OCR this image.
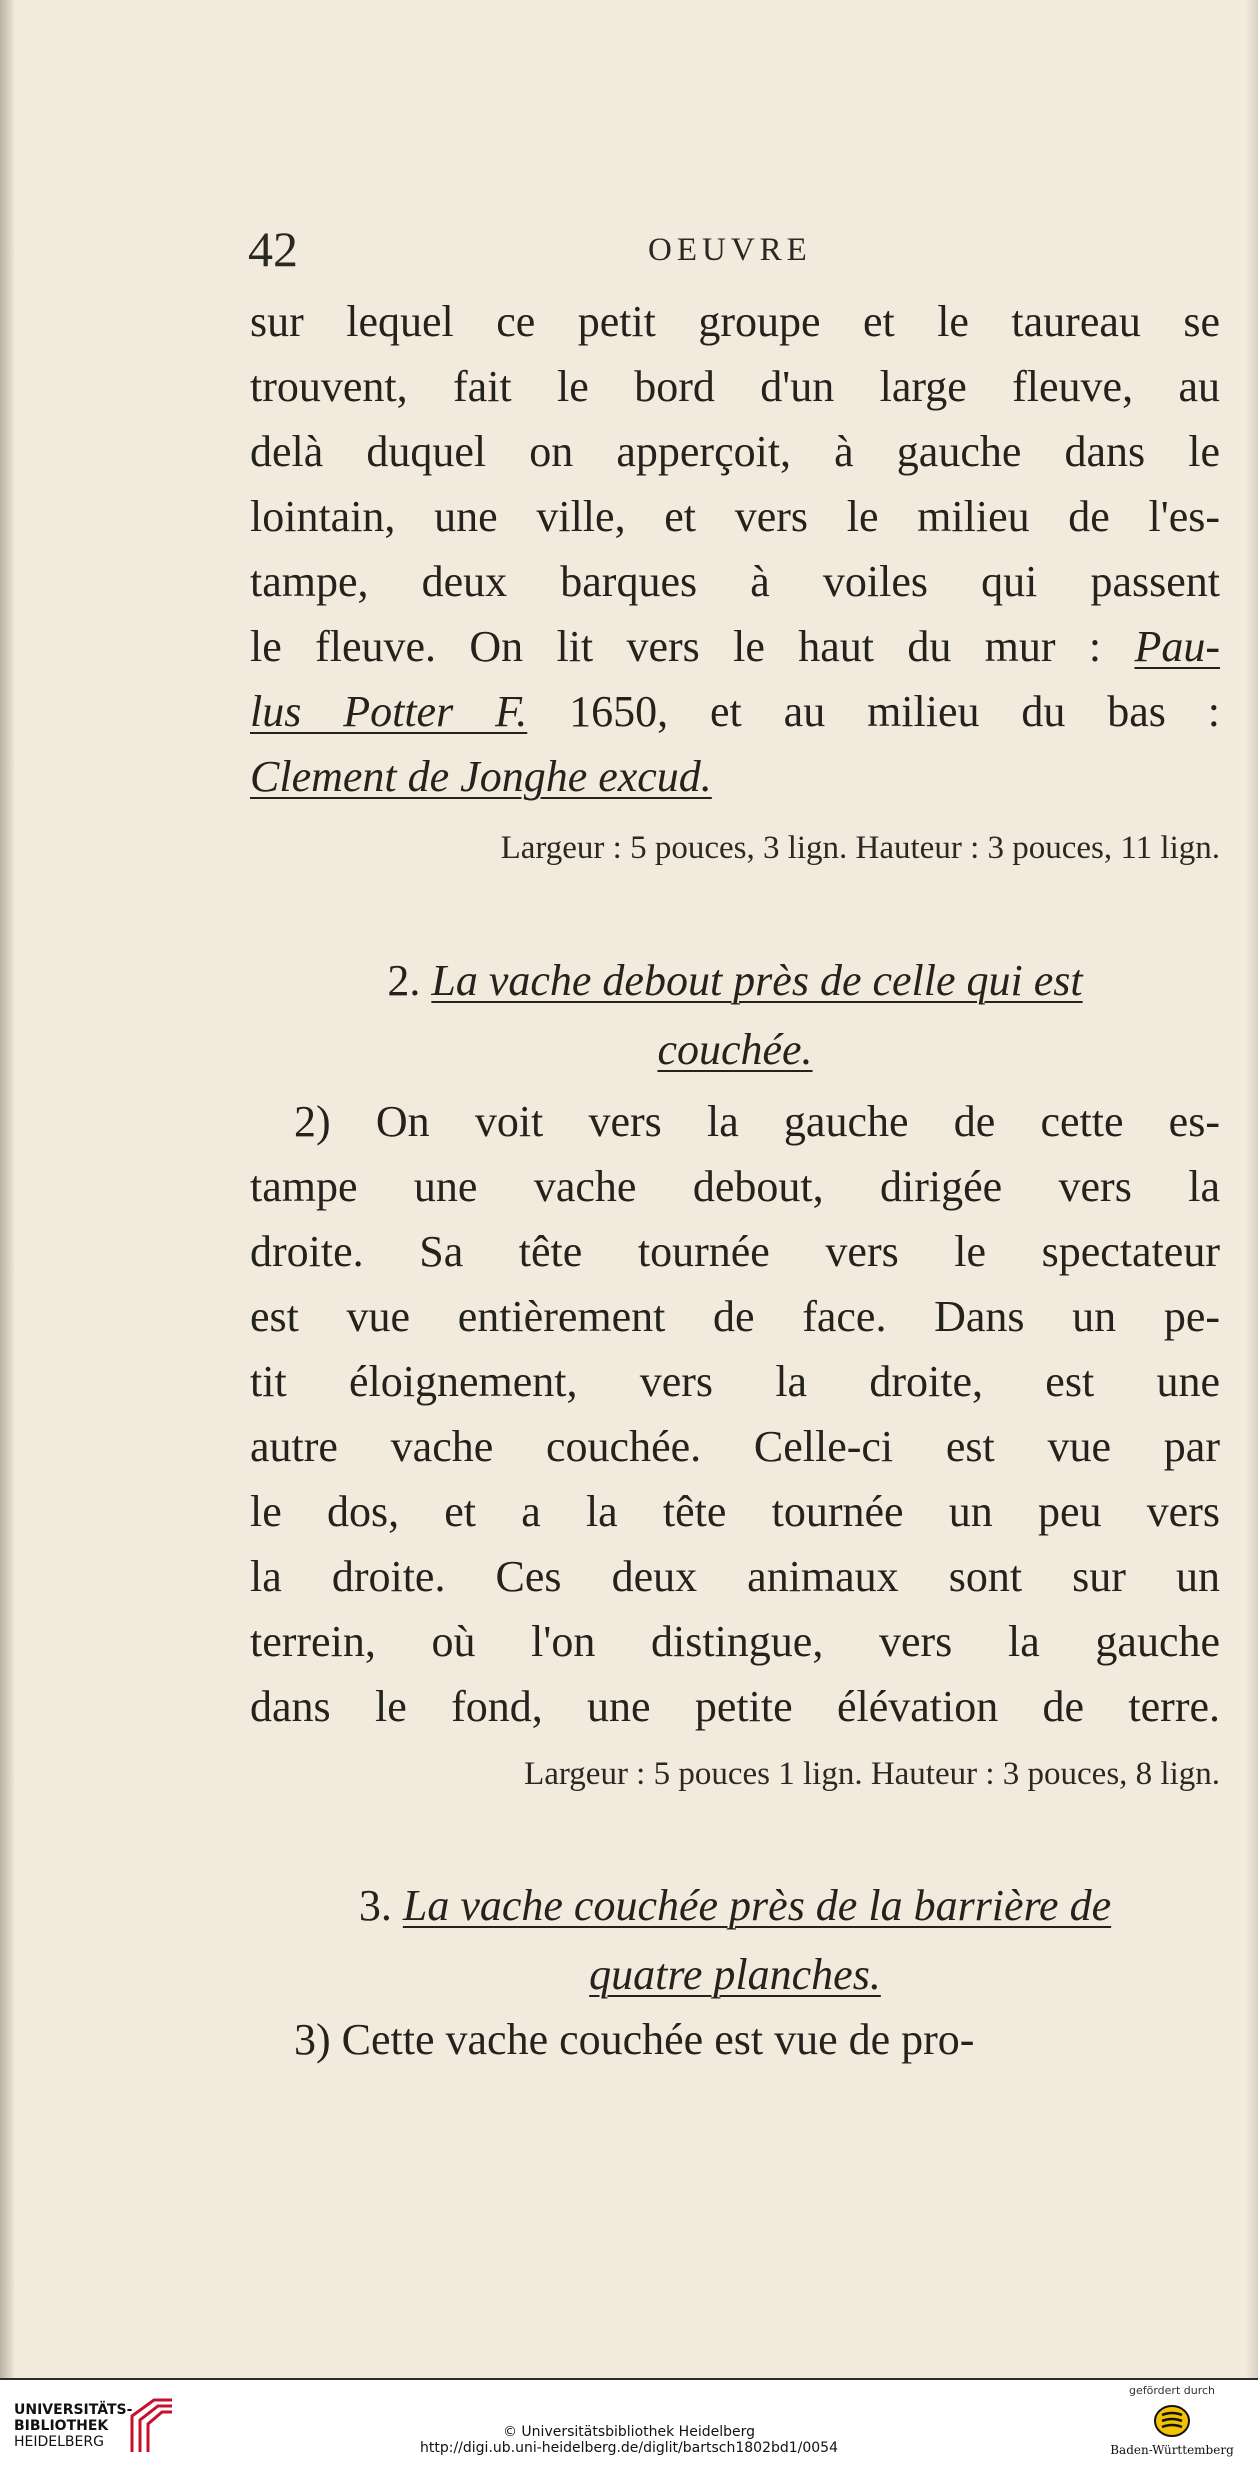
42	OEUVRE
sur lequel ce petit groupe et le taureau se
trouvent, fait le bord d'un large fleuve, au
delà duquel on apperçoit, à gauche dans le
lointain, une ville, et vers le milieu de l'es-
tampe, deux barques à voiles qui passent
le fleuve. On lit vers le haut du mur : Pau-
lus Potter F. 1650, et au milieu du bas :
Clement de Jonghe excud.
Largeur : 5 pouces, 3 lign. Hauteur : 3 pouces, 11 lign.
2. La vache debout près de celle qui est
couchée.
2) On voit vers la gauche de cette es-
tampe une vache debout, dirigée vers la
droite. Sa tête tournée vers le spectateur
est vue entièrement de face. Dans un pe-
tit éloignement, vers la droite, est une
autre vache couchée. Celle-ci est vue par
le dos, et a la tête tournée un peu vers
la droite. Ces deux animaux sont sur un
terrein, où l'on distingue, vers la gauche
dans le fond, une petite élévation de terre.
Largeur : 5 pouces 1 lign. Hauteur : 3 pouces, 8 lign.
3. La vache couchée près de la barrière de
quatre planches.
3) Cette vache couchée est vue de pro-
UNIVERSITÄTS-
BIBLIOTHEK
HEIDELBERG
© Universitätsbibliothek Heidelberg
http://digi.ub.uni-heidelberg.de/diglit/bartsch1802bd1/0054
gefördert durch
Baden-Württemberg
